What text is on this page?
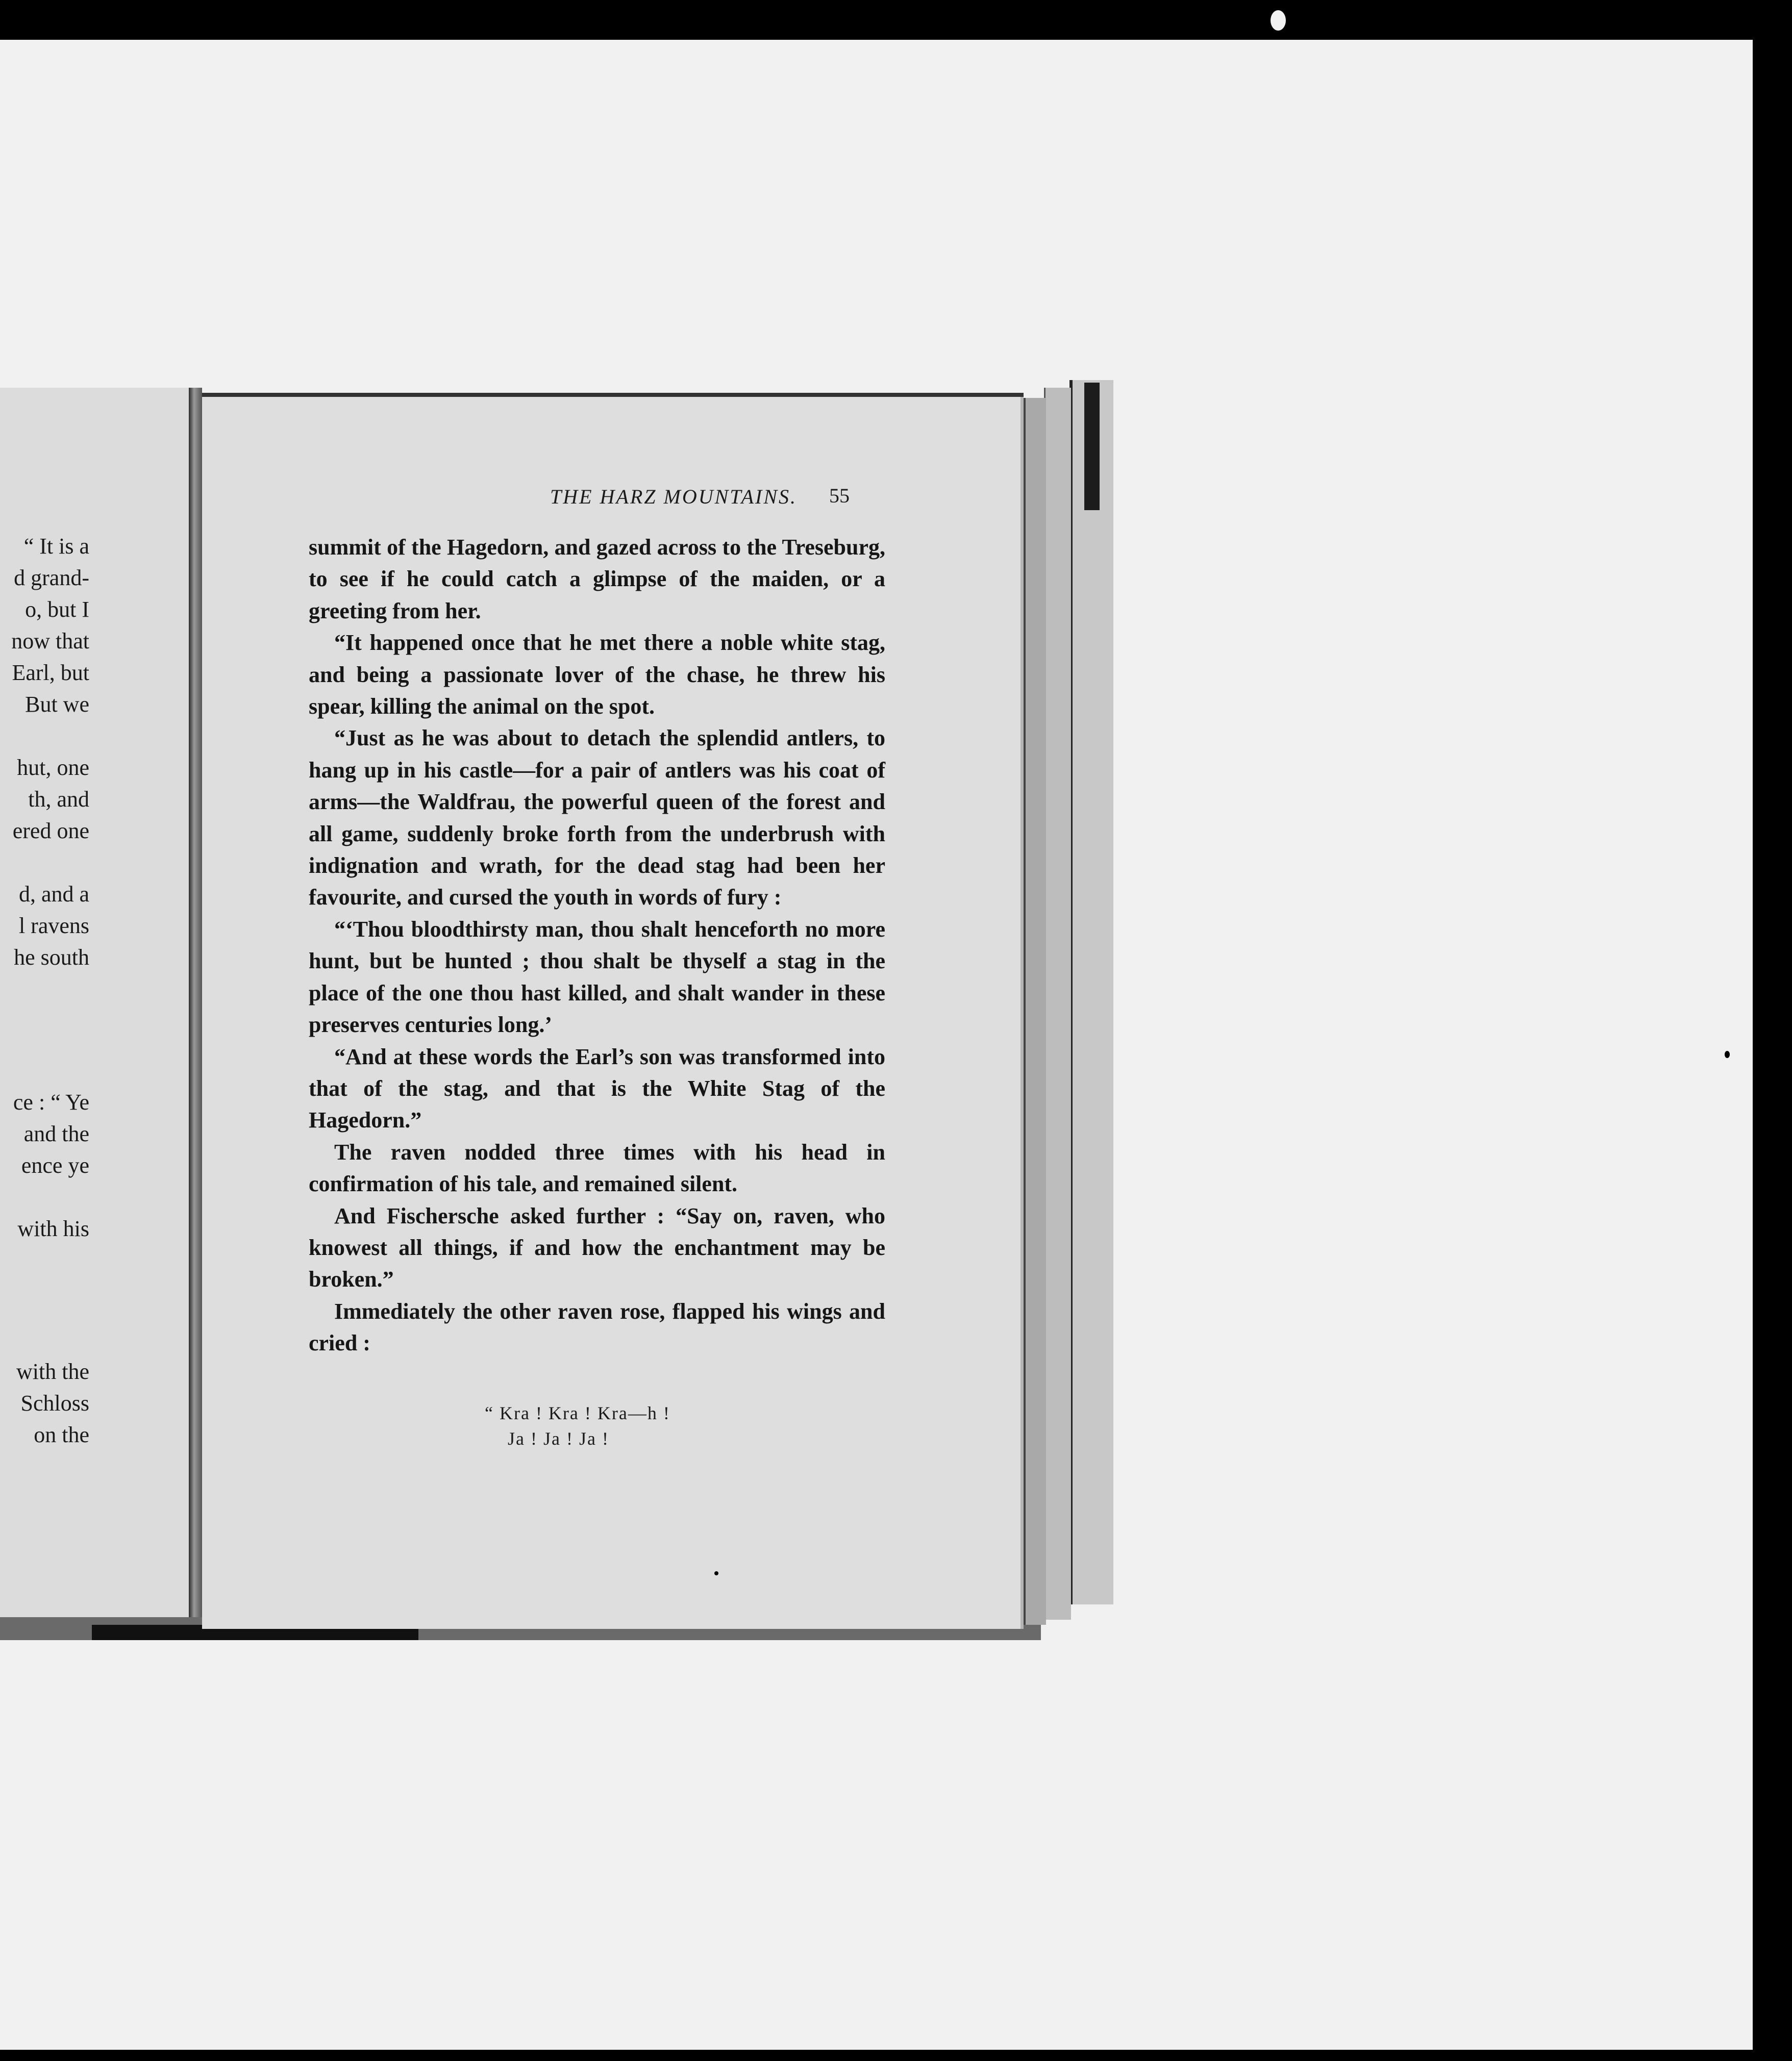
“ It is a
d grand-
o, but I
now that
Earl, but
But we
hut, one
th, and
ered one
d, and a
l ravens
he south
ce : “ Ye
and the
ence ye
with his
with the
Schloss
on the
THE HARZ MOUNTAINS.	55

summit of the Hagedorn, and gazed across to the Treseburg, to see if he could catch a glimpse of the maiden, or a greeting from her.

“It happened once that he met there a noble white stag, and being a passionate lover of the chase, he threw his spear, killing the animal on the spot.

“Just as he was about to detach the splendid antlers, to hang up in his castle—for a pair of antlers was his coat of arms—the Waldfrau, the powerful queen of the forest and all game, suddenly broke forth from the underbrush with indignation and wrath, for the dead stag had been her favourite, and cursed the youth in words of fury :

“‘Thou bloodthirsty man, thou shalt henceforth no more hunt, but be hunted ; thou shalt be thyself a stag in the place of the one thou hast killed, and shalt wander in these preserves centuries long.’

“And at these words the Earl’s son was transformed into that of the stag, and that is the White Stag of the Hagedorn.”

The raven nodded three times with his head in confirmation of his tale, and remained silent.

And Fischersche asked further : “Say on, raven, who knowest all things, if and how the enchantment may be broken.”

Immediately the other raven rose, flapped his wings and cried :

“ Kra ! Kra ! Kra—h !
Ja ! Ja ! Ja !
